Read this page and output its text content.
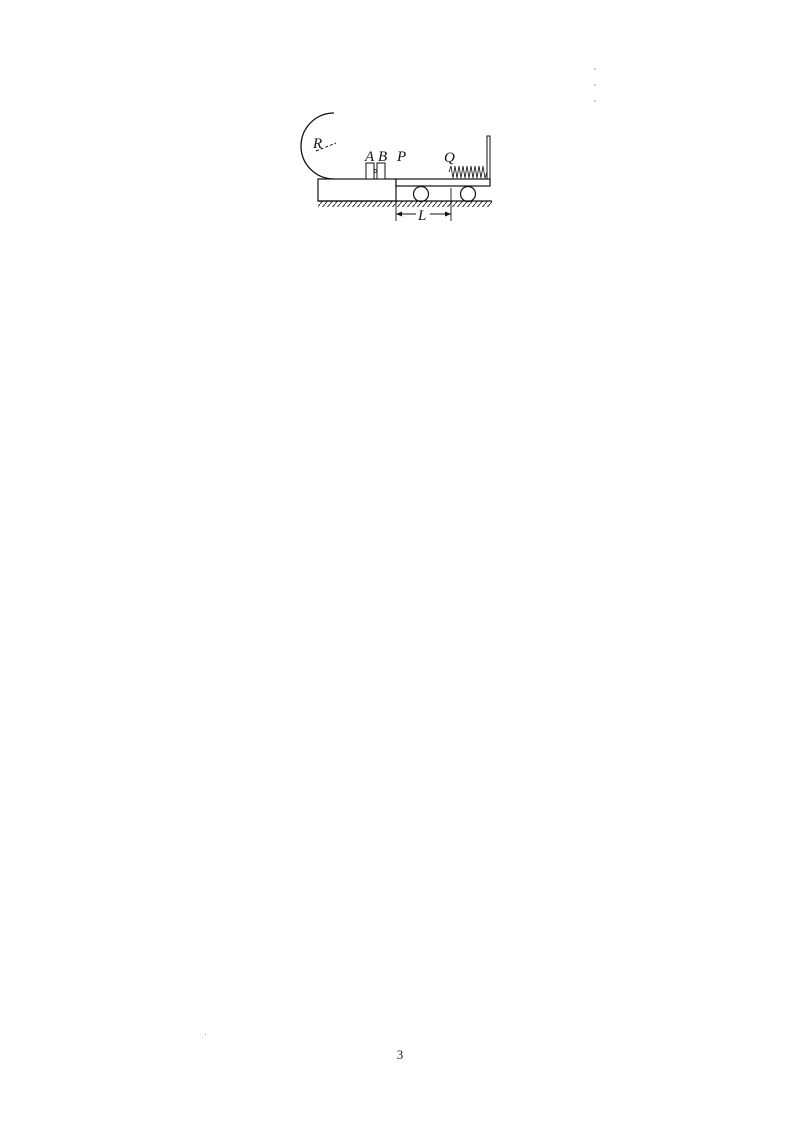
R
A B P	Q
L
3
